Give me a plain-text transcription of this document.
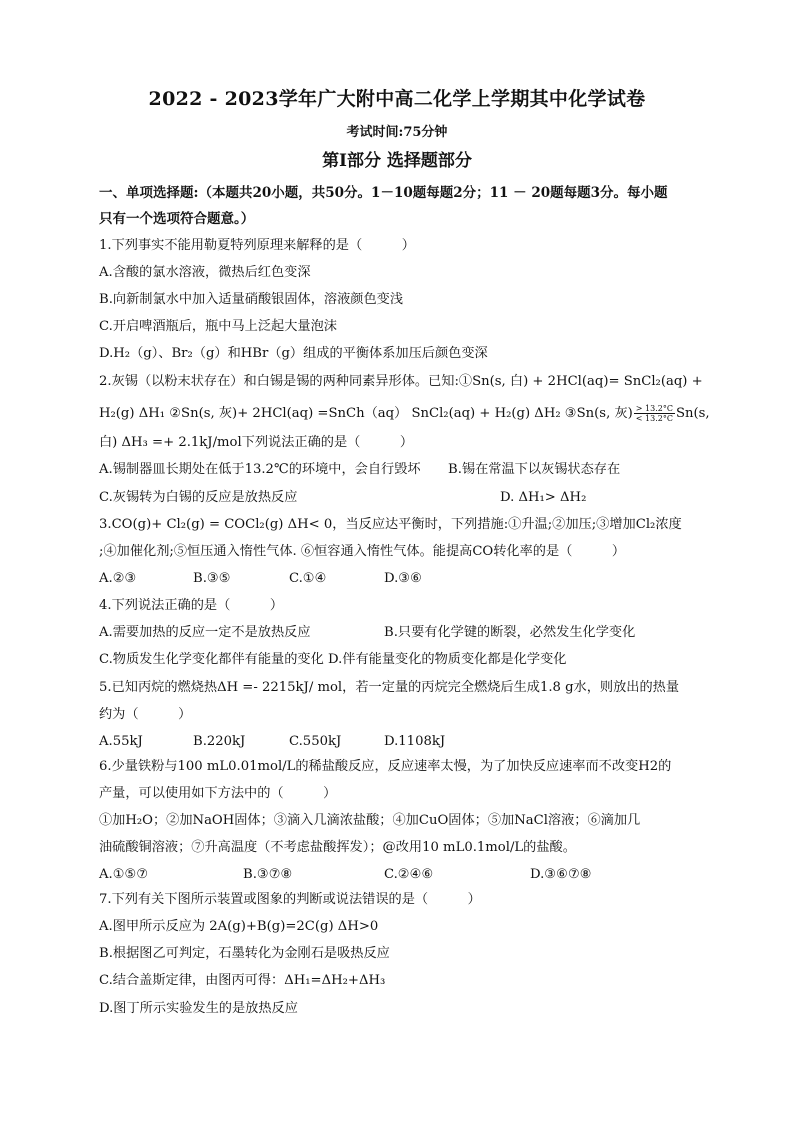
2022 - 2023学年广大附中高二化学上学期其中化学试卷
考试时间:75分钟
第Ⅰ部分 选择题部分
一、单项选择题:（本题共20小题，共50分。1－10题每题2分；11 － 20题每题3分。每小题
只有一个选项符合题意。）
1.下列事实不能用勒夏特列原理来解释的是（　　　）
A.含酸的氯水溶液，微热后红色变深
B.向新制氯水中加入适量硝酸银固体，溶液颜色变浅
C.开启啤酒瓶后，瓶中马上泛起大量泡沫
D.H₂（g）、Br₂（g）和HBr（g）组成的平衡体系加压后颜色变深
2.灰锡（以粉末状存在）和白锡是锡的两种同素异形体。已知:①Sn(s, 白) + 2HCl(aq)= SnCl₂(aq) +
H₂(g) ΔH₁ ②Sn(s, 灰)+ 2HCl(aq) =SnCh（aq） SnCl₂(aq) + H₂(g) ΔH₂ ③Sn(s, 灰) $\frac{> 13.2^\circ C}{< 13.2^\circ C} Sn(s$,
白) ΔH₃ =+ 2.1kJ/mol下列说法正确的是（　　　）
A.锡制器皿长期处在低于13.2℃的环境中，会自行毁坏 B.锡在常温下以灰锡状态存在
C.灰锡转为白锡的反应是放热反应	D. ΔH₁> ΔH₂
3.CO(g)+ Cl₂(g) = COCl₂(g) ΔH< 0，当反应达平衡时，下列措施:①升温;②加压;③增加Cl₂浓度
;④加催化剂;⑤恒压通入惰性气体. ⑥恒容通入惰性气体。能提高CO转化率的是（　　　）
A.②③	B.③⑤	C.①④	D.③⑥
4.下列说法正确的是（　　　）
A.需要加热的反应一定不是放热反应	B.只要有化学键的断裂，必然发生化学变化
C.物质发生化学变化都伴有能量的变化 D.伴有能量变化的物质变化都是化学变化
5.已知丙烷的燃烧热ΔH =- 2215kJ/ mol，若一定量的丙烷完全燃烧后生成1.8 g水，则放出的热量
约为（　　　）
A.55kJ	B.220kJ	C.550kJ	D.1108kJ
6.少量铁粉与100 mL0.01mol/L的稀盐酸反应，反应速率太慢，为了加快反应速率而不改变H2的
产量，可以使用如下方法中的（　　　）
①加H₂O；②加NaOH固体；③滴入几滴浓盐酸；④加CuO固体；⑤加NaCl溶液；⑥滴加几
油硫酸铜溶液；⑦升高温度（不考虑盐酸挥发）；@改用10 mL0.1mol/L的盐酸。
A.①⑤⑦	B.③⑦⑧	C.②④⑥	D.③⑥⑦⑧
7.下列有关下图所示装置或图象的判断或说法错误的是（　　　）
A.图甲所示反应为 2A(g)+B(g)=2C(g) ΔH>0
B.根据图乙可判定，石墨转化为金刚石是吸热反应
C.结合盖斯定律，由图丙可得：ΔH₁=ΔH₂+ΔH₃
D.图丁所示实验发生的是放热反应
